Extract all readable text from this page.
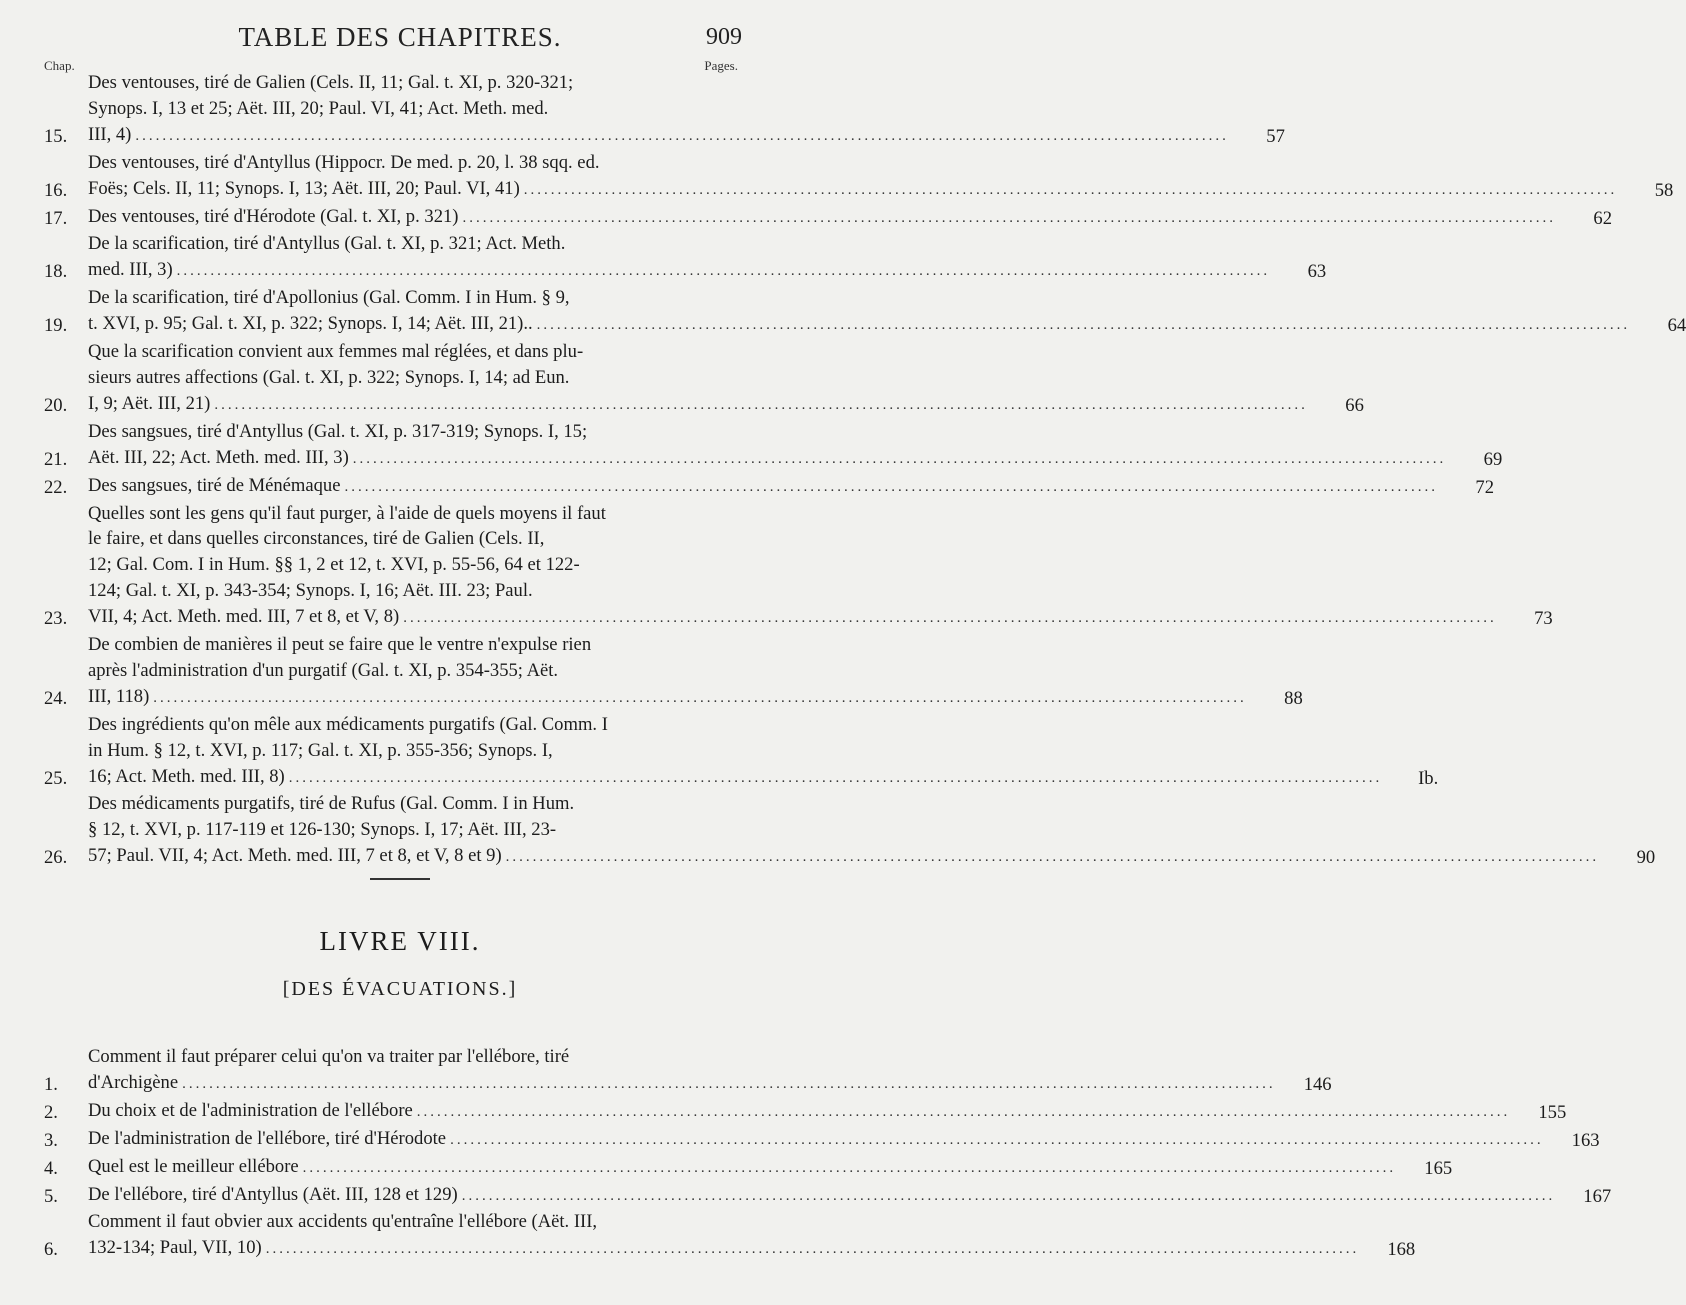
TABLE DES CHAPITRES.	909
Chap.	Pages.
15.
Des ventouses, tiré de Galien (Cels. II, 11; Gal. t. XI, p. 320-321;
Synops. I, 13 et 25; Aët. III, 20; Paul. VI, 41; Act. Meth. med.
III, 4) .....	57
16.
Des ventouses, tiré d'Antyllus (Hippocr. De med. p. 20, l. 38 sqq. ed.
Foës; Cels. II, 11; Synops. I, 13; Aët. III, 20; Paul. VI, 41) .....	58
17.	Des ventouses, tiré d'Hérodote (Gal. t. XI, p. 321) .....	62
18.
De la scarification, tiré d'Antyllus (Gal. t. XI, p. 321; Act. Meth.
med. III, 3) .....	63
19.
De la scarification, tiré d'Apollonius (Gal. Comm. I in Hum. § 9,
t. XVI, p. 95; Gal. t. XI, p. 322; Synops. I, 14; Aët. III, 21).. .....	64
20.
Que la scarification convient aux femmes mal réglées, et dans plu-
sieurs autres affections (Gal. t. XI, p. 322; Synops. I, 14; ad Eun.
I, 9; Aët. III, 21) .....	66
21.
Des sangsues, tiré d'Antyllus (Gal. t. XI, p. 317-319; Synops. I, 15;
Aët. III, 22; Act. Meth. med. III, 3) .....	69
22.	Des sangsues, tiré de Ménémaque .....	72
23.
Quelles sont les gens qu'il faut purger, à l'aide de quels moyens il faut
le faire, et dans quelles circonstances, tiré de Galien (Cels. II,
12; Gal. Com. I in Hum. §§ 1, 2 et 12, t. XVI, p. 55-56, 64 et 122-
124; Gal. t. XI, p. 343-354; Synops. I, 16; Aët. III. 23; Paul.
VII, 4; Act. Meth. med. III, 7 et 8, et V, 8) .....	73
24.
De combien de manières il peut se faire que le ventre n'expulse rien
après l'administration d'un purgatif (Gal. t. XI, p. 354-355; Aët.
III, 118) .....	88
25.
Des ingrédients qu'on mêle aux médicaments purgatifs (Gal. Comm. I
in Hum. § 12, t. XVI, p. 117; Gal. t. XI, p. 355-356; Synops. I,
16; Act. Meth. med. III, 8) .....	Ib.
26.
Des médicaments purgatifs, tiré de Rufus (Gal. Comm. I in Hum.
§ 12, t. XVI, p. 117-119 et 126-130; Synops. I, 17; Aët. III, 23-
57; Paul. VII, 4; Act. Meth. med. III, 7 et 8, et V, 8 et 9) .....	90
LIVRE VIII.
[DES ÉVACUATIONS.]
1.
Comment il faut préparer celui qu'on va traiter par l'ellébore, tiré
d'Archigène .....	146
2.	Du choix et de l'administration de l'ellébore .....	155
3.	De l'administration de l'ellébore, tiré d'Hérodote .....	163
4.	Quel est le meilleur ellébore .....	165
5.	De l'ellébore, tiré d'Antyllus (Aët. III, 128 et 129) .....	167
6.
Comment il faut obvier aux accidents qu'entraîne l'ellébore (Aët. III,
132-134; Paul, VII, 10) .....	168
